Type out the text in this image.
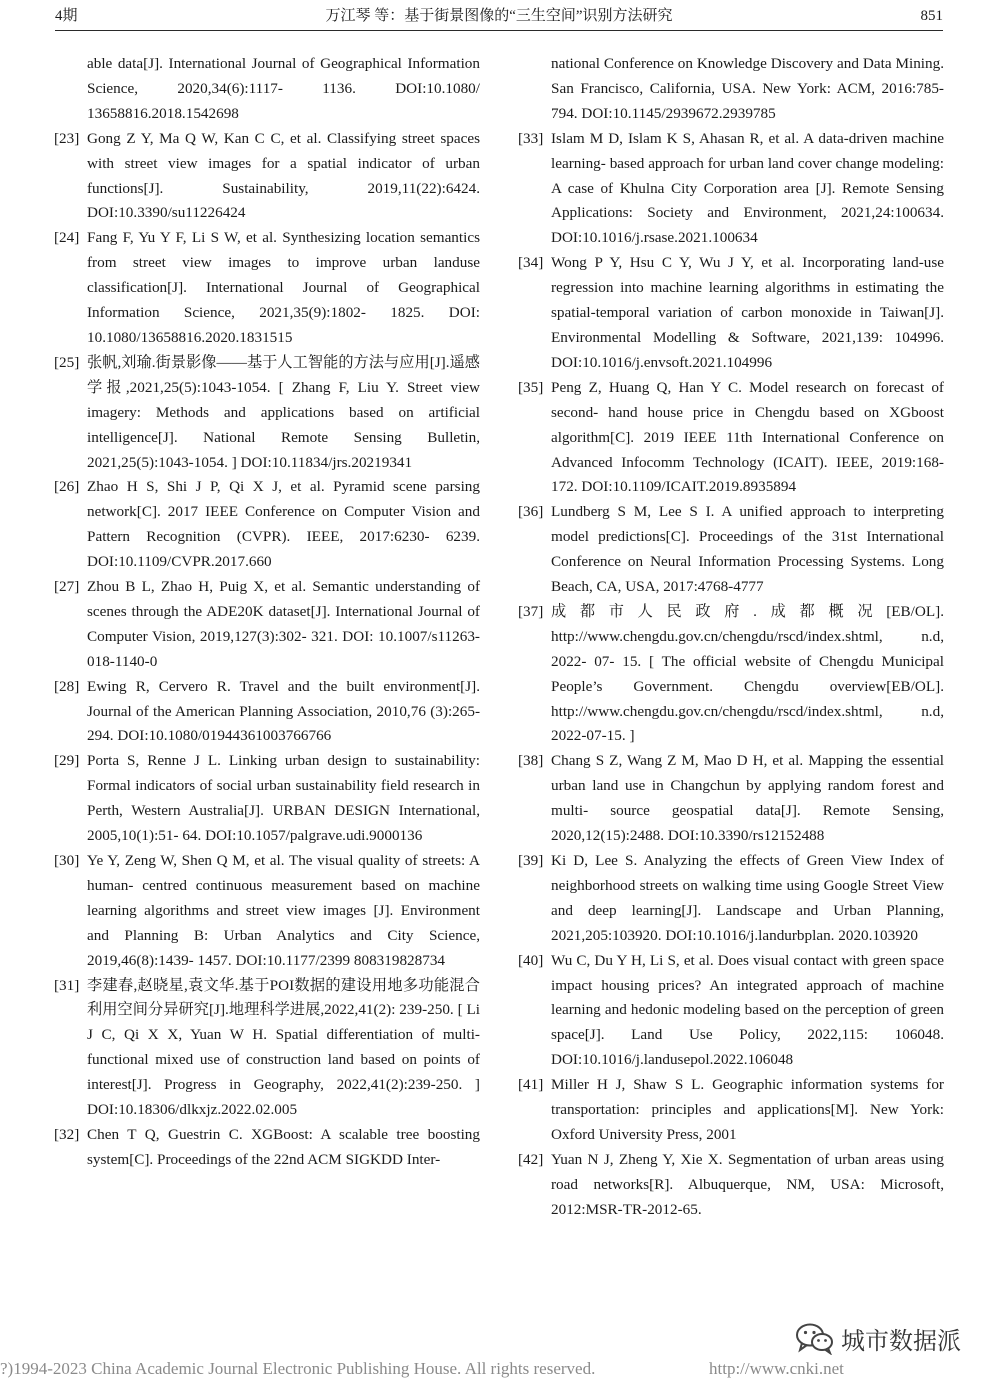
4期	万江琴 等：基于街景图像的“三生空间”识别方法研究	851
able data[J]. International Journal of Geographical Information Science, 2020,34(6):1117- 1136. DOI:10.1080/ 13658816.2018.1542698
[23] Gong Z Y, Ma Q W, Kan C C, et al. Classifying street spaces with street view images for a spatial indicator of urban functions[J]. Sustainability, 2019,11(22):6424. DOI:10.3390/su11226424
[24] Fang F, Yu Y F, Li S W, et al. Synthesizing location semantics from street view images to improve urban landuse classification[J]. International Journal of Geographical Information Science, 2021,35(9):1802- 1825. DOI: 10.1080/13658816.2020.1831515
[25] 张帆,刘瑜.街景影像——基于人工智能的方法与应用[J].遥感学报,2021,25(5):1043-1054. [ Zhang F, Liu Y. Street view imagery: Methods and applications based on artificial intelligence[J]. National Remote Sensing Bulletin, 2021,25(5):1043-1054. ] DOI:10.11834/jrs.20219341
[26] Zhao H S, Shi J P, Qi X J, et al. Pyramid scene parsing network[C]. 2017 IEEE Conference on Computer Vision and Pattern Recognition (CVPR). IEEE, 2017:6230- 6239. DOI:10.1109/CVPR.2017.660
[27] Zhou B L, Zhao H, Puig X, et al. Semantic understanding of scenes through the ADE20K dataset[J]. International Journal of Computer Vision, 2019,127(3):302- 321. DOI: 10.1007/s11263-018-1140-0
[28] Ewing R, Cervero R. Travel and the built environment[J]. Journal of the American Planning Association, 2010,76 (3):265-294. DOI:10.1080/01944361003766766
[29] Porta S, Renne J L. Linking urban design to sustainability: Formal indicators of social urban sustainability field research in Perth, Western Australia[J]. URBAN DESIGN International, 2005,10(1):51- 64. DOI:10.1057/palgrave.udi.9000136
[30] Ye Y, Zeng W, Shen Q M, et al. The visual quality of streets: A human- centred continuous measurement based on machine learning algorithms and street view images [J]. Environment and Planning B: Urban Analytics and City Science, 2019,46(8):1439- 1457. DOI:10.1177/2399 808319828734
[31] 李建春,赵晓星,袁文华.基于POI数据的建设用地多功能混合利用空间分异研究[J].地理科学进展,2022,41(2): 239-250. [ Li J C, Qi X X, Yuan W H. Spatial differentiation of multi- functional mixed use of construction land based on points of interest[J]. Progress in Geography, 2022,41(2):239-250. ] DOI:10.18306/dlkxjz.2022.02.005
[32] Chen T Q, Guestrin C. XGBoost: A scalable tree boosting system[C]. Proceedings of the 22nd ACM SIGKDD Inter-
national Conference on Knowledge Discovery and Data Mining. San Francisco, California, USA. New York: ACM, 2016:785-794. DOI:10.1145/2939672.2939785
[33] Islam M D, Islam K S, Ahasan R, et al. A data-driven machine learning- based approach for urban land cover change modeling: A case of Khulna City Corporation area [J]. Remote Sensing Applications: Society and Environment, 2021,24:100634. DOI:10.1016/j.rsase.2021.100634
[34] Wong P Y, Hsu C Y, Wu J Y, et al. Incorporating land-use regression into machine learning algorithms in estimating the spatial-temporal variation of carbon monoxide in Taiwan[J]. Environmental Modelling & Software, 2021,139: 104996. DOI:10.1016/j.envsoft.2021.104996
[35] Peng Z, Huang Q, Han Y C. Model research on forecast of second- hand house price in Chengdu based on XGboost algorithm[C]. 2019 IEEE 11th International Conference on Advanced Infocomm Technology (ICAIT). IEEE, 2019:168-172. DOI:10.1109/ICAIT.2019.8935894
[36] Lundberg S M, Lee S I. A unified approach to interpreting model predictions[C]. Proceedings of the 31st International Conference on Neural Information Processing Systems. Long Beach, CA, USA, 2017:4768-4777
[37] 成都市人民政府.成都概况[EB/OL]. http://www.chengdu.gov.cn/chengdu/rscd/index.shtml, n.d, 2022- 07- 15. [ The official website of Chengdu Municipal People’s Government. Chengdu overview[EB/OL]. http://www.chengdu.gov.cn/chengdu/rscd/index.shtml, n.d, 2022-07-15. ]
[38] Chang S Z, Wang Z M, Mao D H, et al. Mapping the essential urban land use in Changchun by applying random forest and multi- source geospatial data[J]. Remote Sensing, 2020,12(15):2488. DOI:10.3390/rs12152488
[39] Ki D, Lee S. Analyzing the effects of Green View Index of neighborhood streets on walking time using Google Street View and deep learning[J]. Landscape and Urban Planning, 2021,205:103920. DOI:10.1016/j.landurbplan. 2020.103920
[40] Wu C, Du Y H, Li S, et al. Does visual contact with green space impact housing prices? An integrated approach of machine learning and hedonic modeling based on the perception of green space[J]. Land Use Policy, 2022,115: 106048. DOI:10.1016/j.landusepol.2022.106048
[41] Miller H J, Shaw S L. Geographic information systems for transportation: principles and applications[M]. New York: Oxford University Press, 2001
[42] Yuan N J, Zheng Y, Xie X. Segmentation of urban areas using road networks[R]. Albuquerque, NM, USA: Microsoft, 2012:MSR-TR-2012-65.
城市数据派
?)1994-2023 China Academic Journal Electronic Publishing House. All rights reserved.	http://www.cnki.net
